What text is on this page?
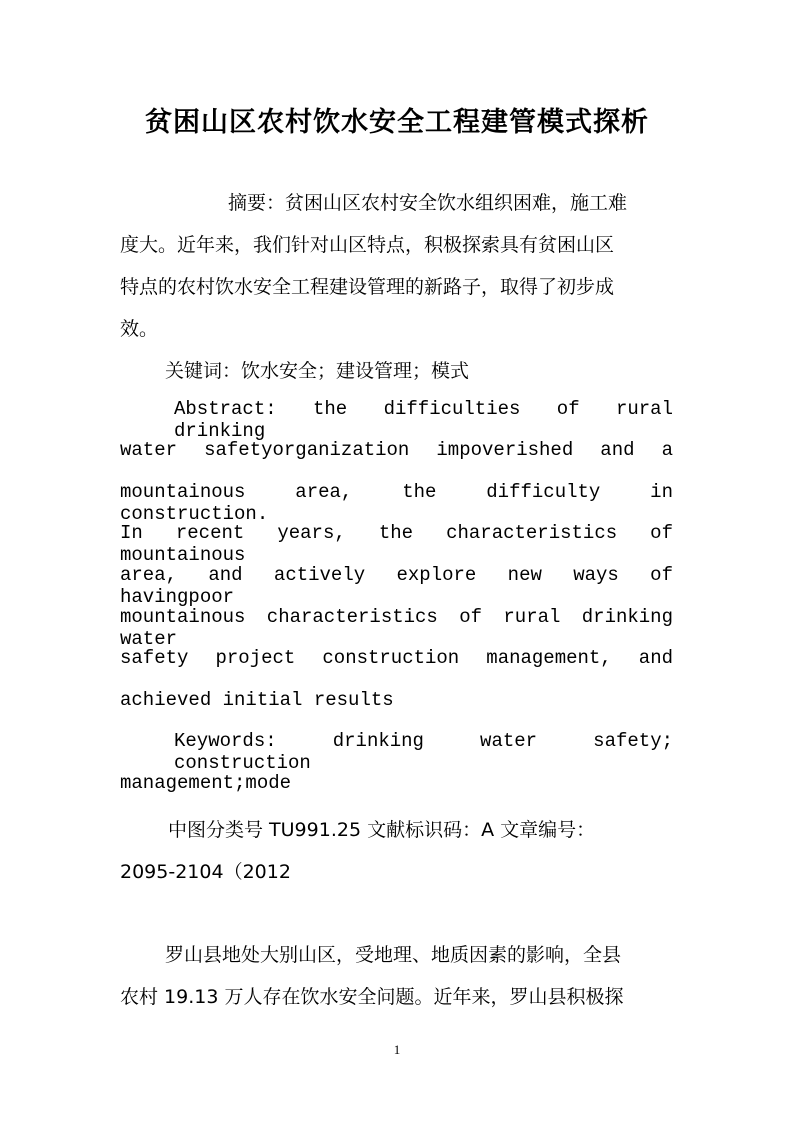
贫困山区农村饮水安全工程建管模式探析
摘要：贫困山区农村安全饮水组织困难，施工难
度大。近年来，我们针对山区特点，积极探索具有贫困山区
特点的农村饮水安全工程建设管理的新路子，取得了初步成
效。
关键词：饮水安全；建设管理；模式
Abstract: the difficulties of rural drinking
water safetyorganization impoverished and a
mountainous area, the difficulty in construction.
In recent years, the characteristics of mountainous
area, and actively explore new ways of havingpoor
mountainous characteristics of rural drinking water
safety project construction management, and
achieved initial results
Keywords: drinking water safety; construction
management;mode
中图分类号 TU991.25 文献标识码：A 文章编号：
2095-2104（2012
罗山县地处大别山区，受地理、地质因素的影响，全县
农村 19.13 万人存在饮水安全问题。近年来，罗山县积极探
1
